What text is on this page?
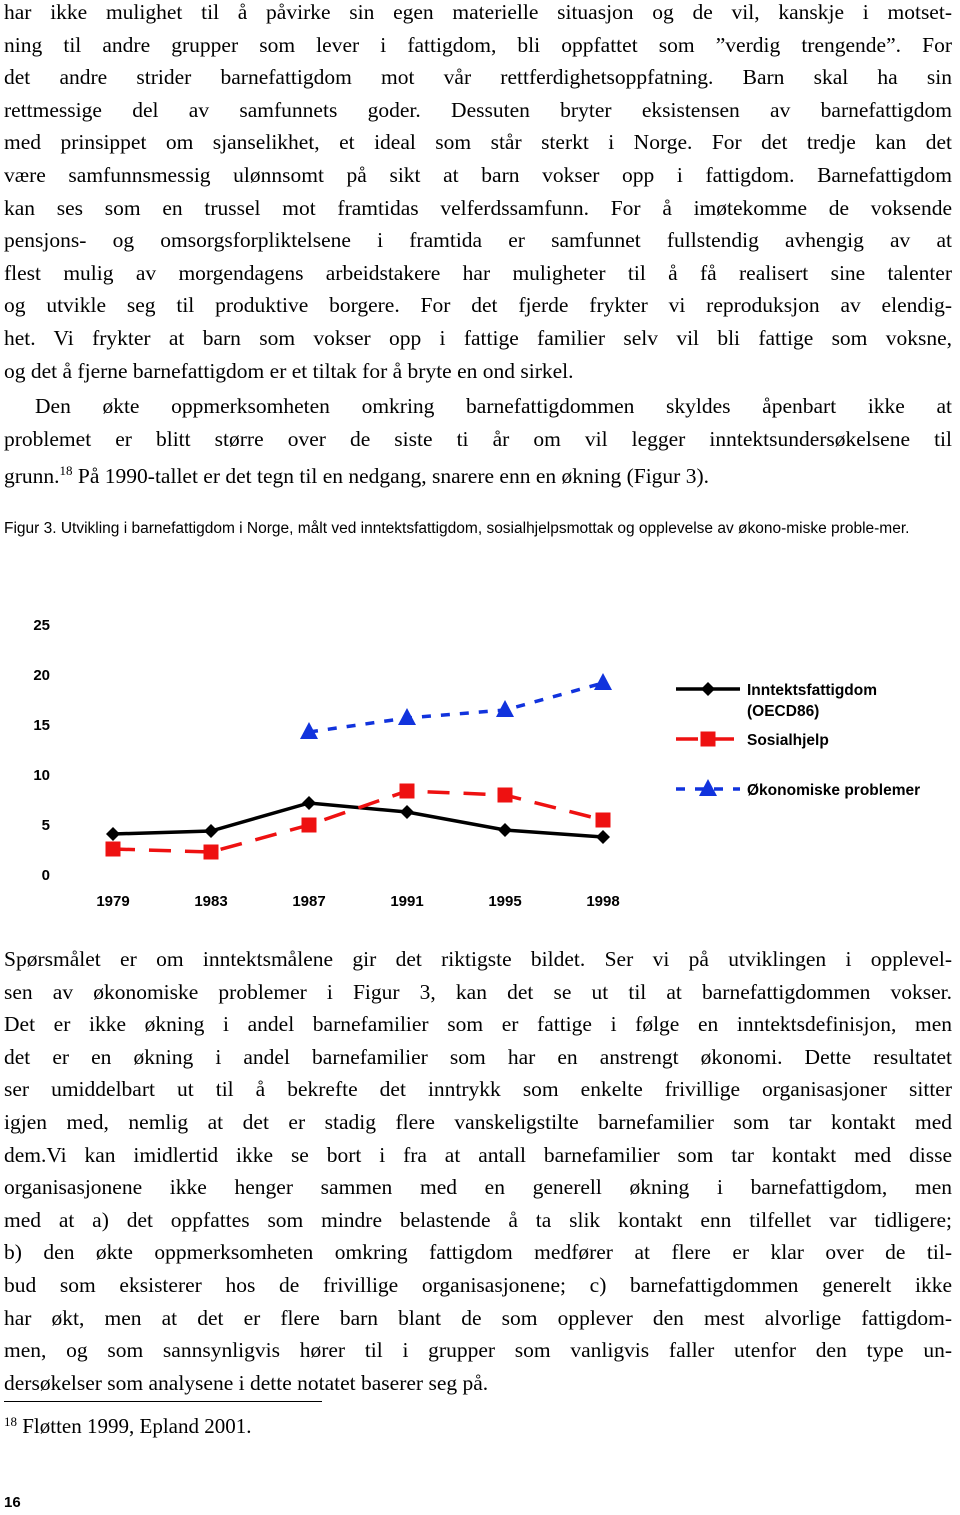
har ikke mulighet til å påvirke sin egen materielle situasjon og de vil, kanskje i motset-
ning til andre grupper som lever i fattigdom, bli oppfattet som ”verdig trengende”. For
det andre strider barnefattigdom mot vår rettferdighetsoppfatning. Barn skal ha sin
rettmessige del av samfunnets goder. Dessuten bryter eksistensen av barnefattigdom
med prinsippet om sjanselikhet, et ideal som står sterkt i Norge. For det tredje kan det
være samfunnsmessig ulønnsomt på sikt at barn vokser opp i fattigdom. Barnefattigdom
kan ses som en trussel mot framtidas velferdssamfunn. For å imøtekomme de voksende
pensjons- og omsorgsforpliktelsene i framtida er samfunnet fullstendig avhengig av at
flest mulig av morgendagens arbeidstakere har muligheter til å få realisert sine talenter
og utvikle seg til produktive borgere. For det fjerde frykter vi reproduksjon av elendig-
het. Vi frykter at barn som vokser opp i fattige familier selv vil bli fattige som voksne,
og det å fjerne barnefattigdom er et tiltak for å bryte en ond sirkel.
Den økte oppmerksomheten omkring barnefattigdommen skyldes åpenbart ikke at
problemet er blitt større over de siste ti år om vil legger inntektsundersøkelsene til
grunn.$^{18}$ På 1990-tallet er det tegn til en nedgang, snarere enn en økning (Figur 3).
Figur 3. Utvikling i barnefattigdom i Norge, målt ved inntektsfattigdom, sosialhjelpsmottak og opplevelse av økono-miske proble-mer.
0
5
10
15
20
25
1979	1983	1987	1991	1995	1998
Inntektsfattigdom
(OECD86)
Sosialhjelp
Økonomiske problemer
Spørsmålet er om inntektsmålene gir det riktigste bildet. Ser vi på utviklingen i opplevel-
sen av økonomiske problemer i Figur 3, kan det se ut til at barnefattigdommen vokser.
Det er ikke økning i andel barnefamilier som er fattige i følge en inntektsdefinisjon, men
det er en økning i andel barnefamilier som har en anstrengt økonomi. Dette resultatet
ser umiddelbart ut til å bekrefte det inntrykk som enkelte frivillige organisasjoner sitter
igjen med, nemlig at det er stadig flere vanskeligstilte barnefamilier som tar kontakt med
dem.Vi kan imidlertid ikke se bort i fra at antall barnefamilier som tar kontakt med disse
organisasjonene ikke henger sammen med en generell økning i barnefattigdom, men
med at a) det oppfattes som mindre belastende å ta slik kontakt enn tilfellet var tidligere;
b) den økte oppmerksomheten omkring fattigdom medfører at flere er klar over de til-
bud som eksisterer hos de frivillige organisasjonene; c) barnefattigdommen generelt ikke
har økt, men at det er flere barn blant de som opplever den mest alvorlige fattigdom-
men, og som sannsynligvis hører til i grupper som vanligvis faller utenfor den type un-
dersøkelser som analysene i dette notatet baserer seg på.
$^{18}$ Fløtten 1999, Epland 2001.
16
